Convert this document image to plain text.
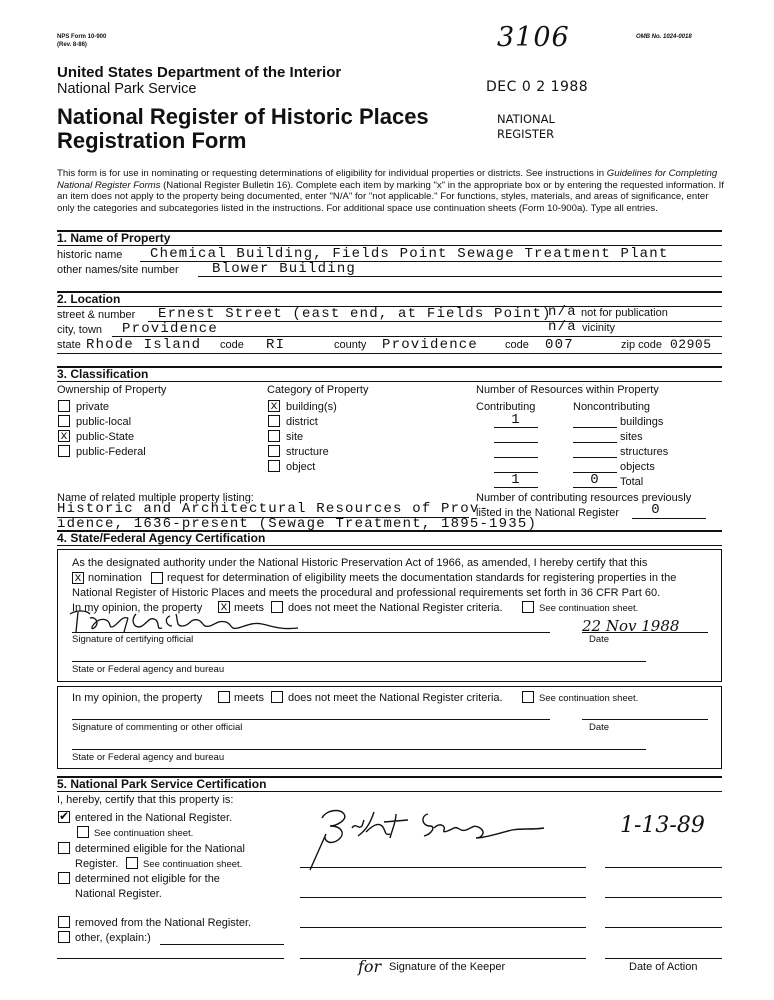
NPS Form 10-900
(Rev. 8-86)
OMB No. 1024-0018
3106
United States Department of the Interior
National Park Service
National Register of Historic Places
Registration Form
DEC 0 2 1988
NATIONAL
REGISTER
This form is for use in nominating or requesting determinations of eligibility for individual properties or districts. See instructions in Guidelines for Completing National Register Forms (National Register Bulletin 16). Complete each item by marking "x" in the appropriate box or by entering the requested information. If an item does not apply to the property being documented, enter "N/A" for "not applicable." For functions, styles, materials, and areas of significance, enter only the categories and subcategories listed in the instructions. For additional space use continuation sheets (Form 10-900a). Type all entries.
1. Name of Property
historic name Chemical Building, Fields Point Sewage Treatment Plant
other names/site number Blower Building
2. Location
street & number Ernest Street (east end, at Fields Point)
n/a not for publication
city, town Providence	n/a vicinity
state Rhode Island code RI	county Providence code 007	zip code 02905
3. Classification
Ownership of Property
private
public-local
x public-State
public-Federal
Category of Property
x building(s)
district
site
structure
object
Number of Resources within Property
Contributing	Noncontributing
1	buildings
sites
structures
objects
1	0	Total
Name of related multiple property listing:
Historic and Architectural Resources of Prov-
idence, 1636-present (Sewage Treatment, 1895-1935)
Number of contributing resources previously
listed in the National Register	0
4. State/Federal Agency Certification
As the designated authority under the National Historic Preservation Act of 1966, as amended, I hereby certify that this
x nomination request for determination of eligibility meets the documentation standards for registering properties in the
National Register of Historic Places and meets the procedural and professional requirements set forth in 36 CFR Part 60.
In my opinion, the property x meets does not meet the National Register criteria.	See continuation sheet.
22 Nov 1988
Signature of certifying official	Date
State or Federal agency and bureau
In my opinion, the property	meets does not meet the National Register criteria.	See continuation sheet.
Signature of commenting or other official	Date
State or Federal agency and bureau
5. National Park Service Certification
I, hereby, certify that this property is:
✔ entered in the National Register.
See continuation sheet.
determined eligible for the National
Register.	See continuation sheet.
determined not eligible for the
National Register.
removed from the National Register.
other, (explain:)
1-13-89
for Signature of the Keeper	Date of Action
